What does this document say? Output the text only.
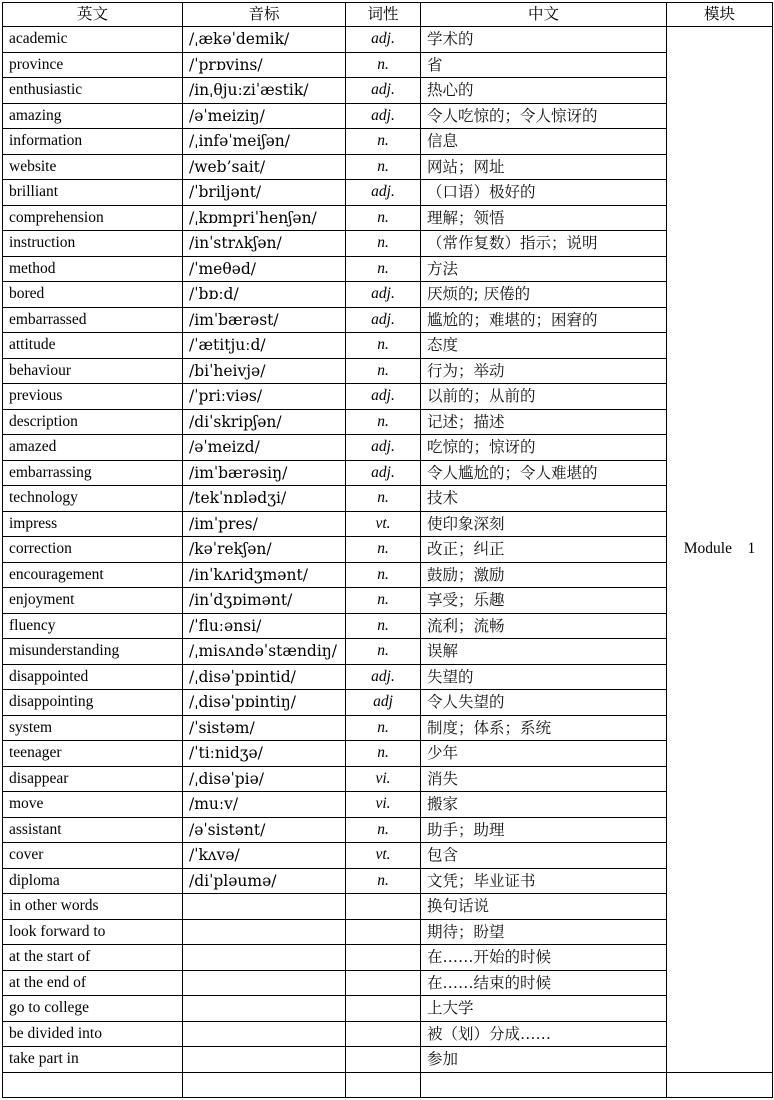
英文	音标	词性	中文	模块
academic	/ˌækəˈdemik/	adj.	学术的	Module    1
province	/ˈprɒvins/	n.	省	
enthusiastic	/inˌθjuːziˈæstik/	adj.	热心的	
amazing	/əˈmeiziŋ/	adj.	令人吃惊的；令人惊讶的	
information	/ˌinfəˈmeiʃən/	n.	信息	
website	/web’sait/	n.	网站；网址	
brilliant	/ˈbriljənt/	adj.	（口语）极好的	
comprehension	/ˌkɒmpriˈhenʃən/	n.	理解；领悟	
instruction	/inˈstrʌkʃən/	n.	（常作复数）指示；说明	
method	/ˈmeθəd/	n.	方法	
bored	/ˈbɒːd/	adj.	厌烦的; 厌倦的	
embarrassed	/imˈbærəst/	adj.	尴尬的；难堪的；困窘的	
attitude	/ˈætitjuːd/	n.	态度	
behaviour	/biˈheivjə/	n.	行为；举动	
previous	/ˈpriːviəs/	adj.	以前的；从前的	
description	/diˈskripʃən/	n.	记述；描述	
amazed	/əˈmeizd/	adj.	吃惊的；惊讶的	
embarrassing	/imˈbærəsiŋ/	adj.	令人尴尬的；令人难堪的	
technology	/tekˈnɒlədʒi/	n.	技术	
impress	/imˈpres/	vt.	使印象深刻	
correction	/kəˈrekʃən/	n.	改正；纠正	
encouragement	/inˈkʌridʒmənt/	n.	鼓励；激励	
enjoyment	/inˈdʒɒimənt/	n.	享受；乐趣	
fluency	/ˈfluːənsi/	n.	流利；流畅	
misunderstanding	/ˌmisʌndəˈstændiŋ/	n.	误解	
disappointed	/ˌdisəˈpɒintid/	adj.	失望的	
disappointing	/ˌdisəˈpɒintiŋ/	adj	令人失望的	
system	/ˈsistəm/	n.	制度；体系；系统	
teenager	/ˈtiːnidʒə/	n.	少年	
disappear	/ˌdisəˈpiə/	vi.	消失	
move	/muːv/	vi.	搬家	
assistant	/əˈsistənt/	n.	助手；助理	
cover	/ˈkʌvə/	vt.	包含	
diploma	/diˈpləumə/	n.	文凭；毕业证书	
in other words			换句话说	
look forward to			期待；盼望	
at the start of			在……开始的时候	
at the end of			在……结束的时候	
go to college			上大学	
be divided into			被（划）分成……	
take part in			参加	
